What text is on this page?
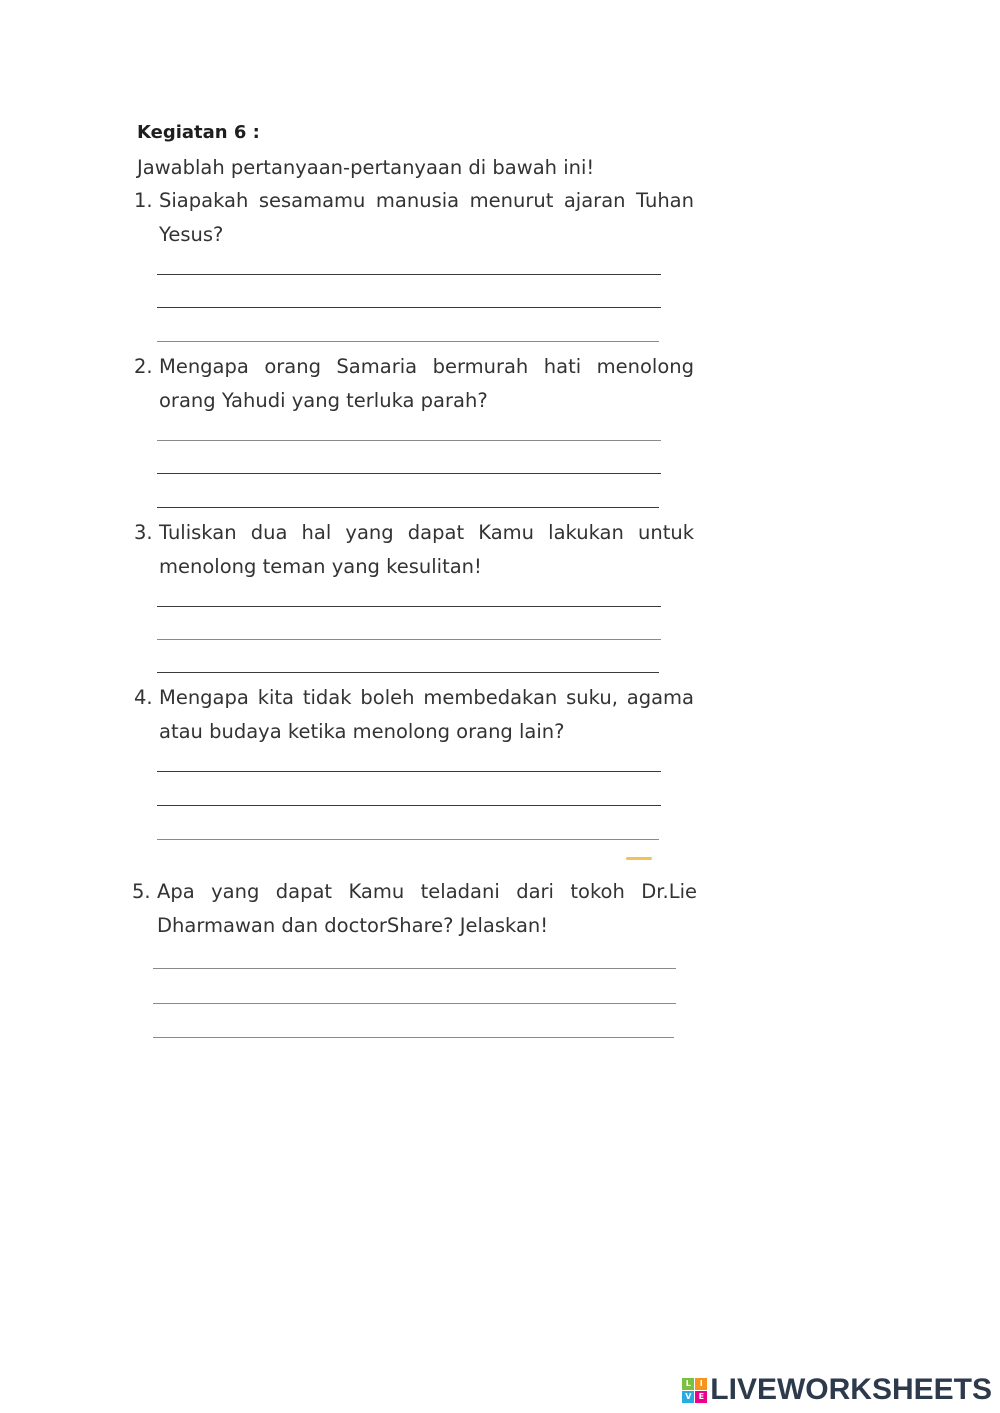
Kegiatan 6 :
Jawablah pertanyaan-pertanyaan di bawah ini!
1. Siapakah sesamamu manusia menurut ajaran Tuhan Yesus?
2. Mengapa orang Samaria bermurah hati menolong orang Yahudi yang terluka parah?
3. Tuliskan dua hal yang dapat Kamu lakukan untuk menolong teman yang kesulitan!
4. Mengapa kita tidak boleh membedakan suku, agama atau budaya ketika menolong orang lain?
5. Apa yang dapat Kamu teladani dari tokoh Dr.Lie Dharmawan dan doctorShare? Jelaskan!
L	I
V E LIVEWORKSHEETS
